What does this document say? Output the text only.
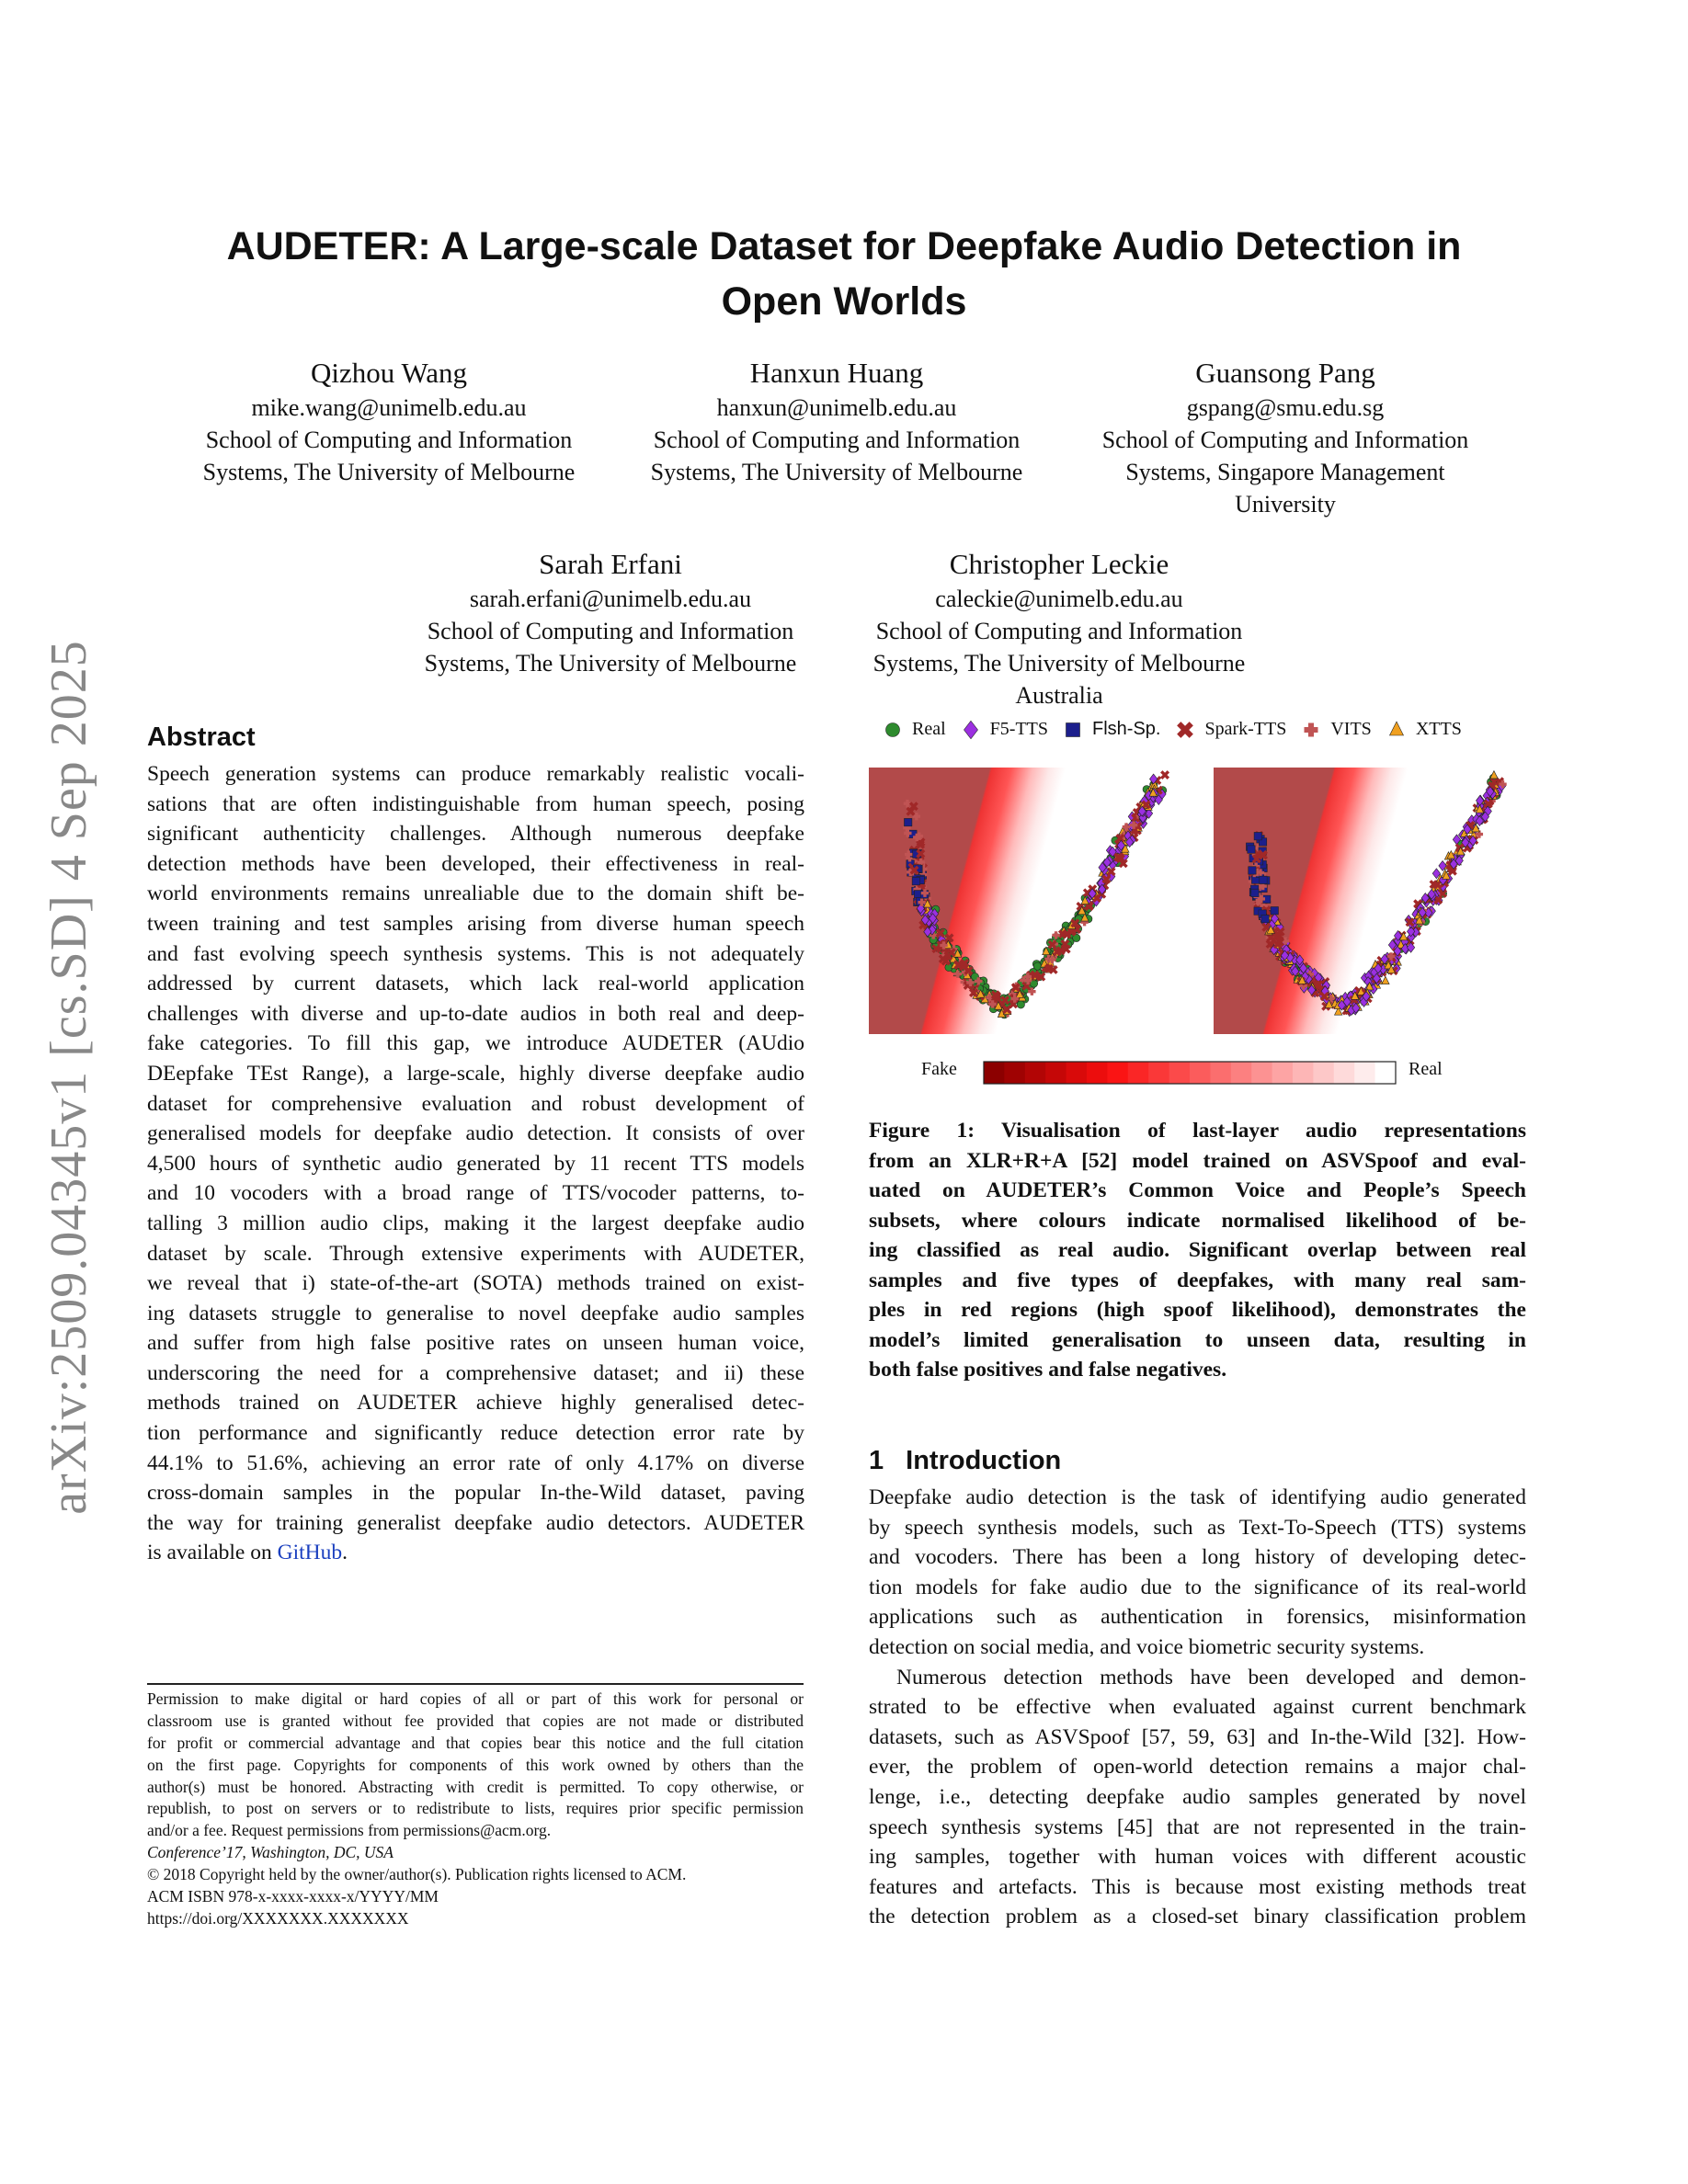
arXiv:2509.04345v1 [cs.SD] 4 Sep 2025
AUDETER: A Large-scale Dataset for Deepfake Audio Detection in
Open Worlds
Qizhou Wang
mike.wang@unimelb.edu.au
School of Computing and Information
Systems, The University of Melbourne
Hanxun Huang
hanxun@unimelb.edu.au
School of Computing and Information
Systems, The University of Melbourne
Guansong Pang
gspang@smu.edu.sg
School of Computing and Information
Systems, Singapore Management
University
Sarah Erfani
sarah.erfani@unimelb.edu.au
School of Computing and Information
Systems, The University of Melbourne
Christopher Leckie
caleckie@unimelb.edu.au
School of Computing and Information
Systems, The University of Melbourne
Australia
Abstract
Speech generation systems can produce remarkably realistic vocali-
sations that are often indistinguishable from human speech, posing
significant authenticity challenges. Although numerous deepfake
detection methods have been developed, their effectiveness in real-
world environments remains unrealiable due to the domain shift be-
tween training and test samples arising from diverse human speech
and fast evolving speech synthesis systems. This is not adequately
addressed by current datasets, which lack real-world application
challenges with diverse and up-to-date audios in both real and deep-
fake categories. To fill this gap, we introduce AUDETER (AUdio
DEepfake TEst Range), a large-scale, highly diverse deepfake audio
dataset for comprehensive evaluation and robust development of
generalised models for deepfake audio detection. It consists of over
4,500 hours of synthetic audio generated by 11 recent TTS models
and 10 vocoders with a broad range of TTS/vocoder patterns, to-
talling 3 million audio clips, making it the largest deepfake audio
dataset by scale. Through extensive experiments with AUDETER,
we reveal that i) state-of-the-art (SOTA) methods trained on exist-
ing datasets struggle to generalise to novel deepfake audio samples
and suffer from high false positive rates on unseen human voice,
underscoring the need for a comprehensive dataset; and ii) these
methods trained on AUDETER achieve highly generalised detec-
tion performance and significantly reduce detection error rate by
44.1% to 51.6%, achieving an error rate of only 4.17% on diverse
cross-domain samples in the popular In-the-Wild dataset, paving
the way for training generalist deepfake audio detectors. AUDETER
is available on GitHub.
Permission to make digital or hard copies of all or part of this work for personal or
classroom use is granted without fee provided that copies are not made or distributed
for profit or commercial advantage and that copies bear this notice and the full citation
on the first page. Copyrights for components of this work owned by others than the
author(s) must be honored. Abstracting with credit is permitted. To copy otherwise, or
republish, to post on servers or to redistribute to lists, requires prior specific permission
and/or a fee. Request permissions from permissions@acm.org.
Conference’17, Washington, DC, USA
© 2018 Copyright held by the owner/author(s). Publication rights licensed to ACM.
ACM ISBN 978-x-xxxx-xxxx-x/YYYY/MM
https://doi.org/XXXXXXX.XXXXXXX
Real F5-TTS Flsh-Sp. Spark-TTS VITS XTTS
Fake	Real
Figure 1: Visualisation of last-layer audio representations
from an XLR+R+A [52] model trained on ASVSpoof and eval-
uated on AUDETER’s Common Voice and People’s Speech
subsets, where colours indicate normalised likelihood of be-
ing classified as real audio. Significant overlap between real
samples and five types of deepfakes, with many real sam-
ples in red regions (high spoof likelihood), demonstrates the
model’s limited generalisation to unseen data, resulting in
both false positives and false negatives.
1 Introduction
Deepfake audio detection is the task of identifying audio generated
by speech synthesis models, such as Text-To-Speech (TTS) systems
and vocoders. There has been a long history of developing detec-
tion models for fake audio due to the significance of its real-world
applications such as authentication in forensics, misinformation
detection on social media, and voice biometric security systems.
Numerous detection methods have been developed and demon-
strated to be effective when evaluated against current benchmark
datasets, such as ASVSpoof [57, 59, 63] and In-the-Wild [32]. How-
ever, the problem of open-world detection remains a major chal-
lenge, i.e., detecting deepfake audio samples generated by novel
speech synthesis systems [45] that are not represented in the train-
ing samples, together with human voices with different acoustic
features and artefacts. This is because most existing methods treat
the detection problem as a closed-set binary classification problem
